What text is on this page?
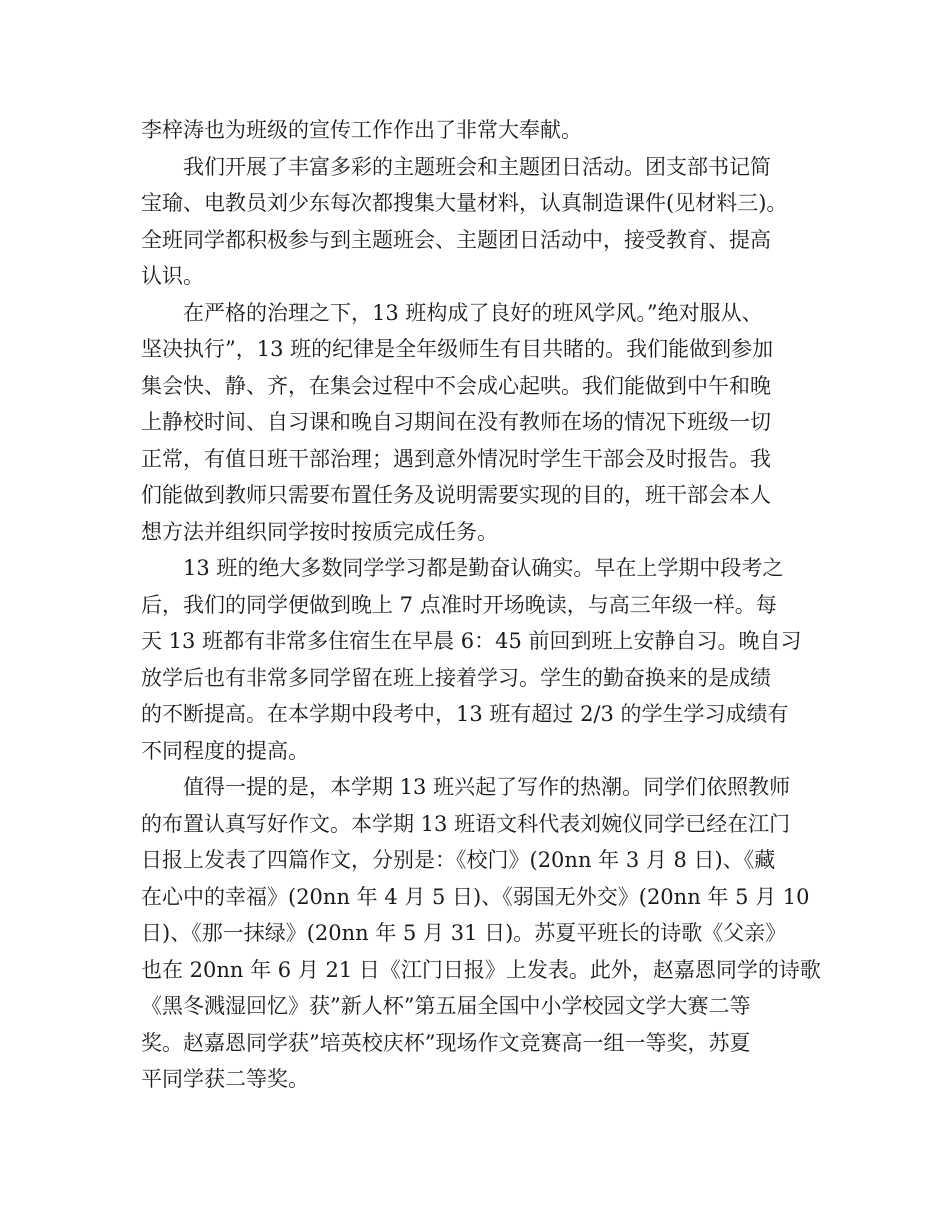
李梓涛也为班级的宣传工作作出了非常大奉献。
我们开展了丰富多彩的主题班会和主题团日活动。团支部书记简
宝瑜、电教员刘少东每次都搜集大量材料，认真制造课件(见材料三)。
全班同学都积极参与到主题班会、主题团日活动中，接受教育、提高
认识。
在严格的治理之下，13 班构成了良好的班风学风。”绝对服从、
坚决执行”，13 班的纪律是全年级师生有目共睹的。我们能做到参加
集会快、静、齐，在集会过程中不会成心起哄。我们能做到中午和晚
上静校时间、自习课和晚自习期间在没有教师在场的情况下班级一切
正常，有值日班干部治理；遇到意外情况时学生干部会及时报告。我
们能做到教师只需要布置任务及说明需要实现的目的，班干部会本人
想方法并组织同学按时按质完成任务。
13 班的绝大多数同学学习都是勤奋认确实。早在上学期中段考之
后，我们的同学便做到晚上 7 点准时开场晚读，与高三年级一样。每
天 13 班都有非常多住宿生在早晨 6：45 前回到班上安静自习。晚自习
放学后也有非常多同学留在班上接着学习。学生的勤奋换来的是成绩
的不断提高。在本学期中段考中，13 班有超过 2/3 的学生学习成绩有
不同程度的提高。
值得一提的是，本学期 13 班兴起了写作的热潮。同学们依照教师
的布置认真写好作文。本学期 13 班语文科代表刘婉仪同学已经在江门
日报上发表了四篇作文，分别是：《校门》(20nn 年 3 月 8 日)、《藏
在心中的幸福》(20nn 年 4 月 5 日)、《弱国无外交》(20nn 年 5 月 10
日)、《那一抹绿》(20nn 年 5 月 31 日)。苏夏平班长的诗歌《父亲》
也在 20nn 年 6 月 21 日《江门日报》上发表。此外，赵嘉恩同学的诗歌
《黑冬溅湿回忆》获”新人杯”第五届全国中小学校园文学大赛二等
奖。赵嘉恩同学获”培英校庆杯”现场作文竞赛高一组一等奖，苏夏
平同学获二等奖。
